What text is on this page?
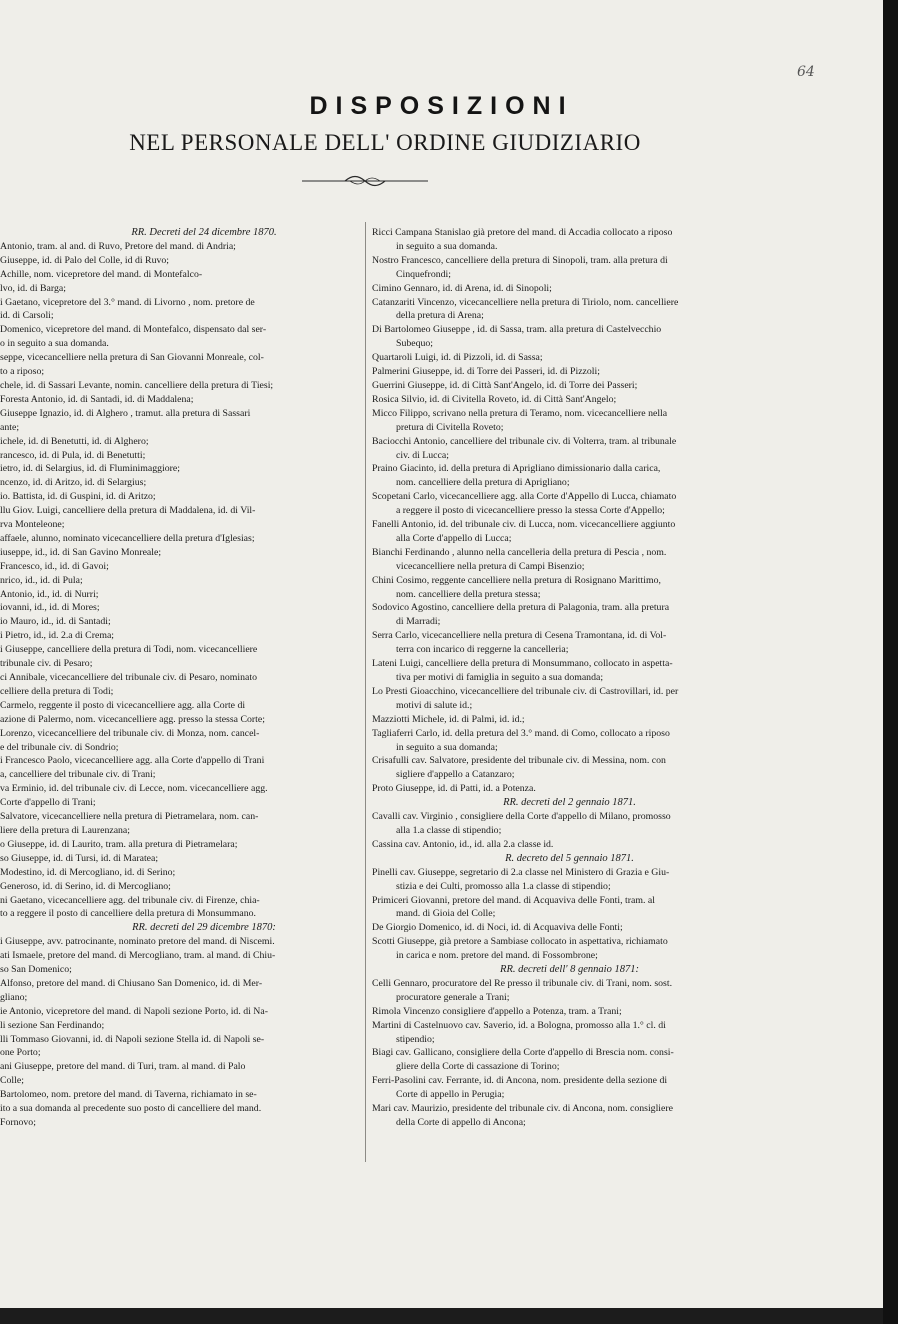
64
DISPOSIZIONI
NEL PERSONALE DELL' ORDINE GIUDIZIARIO
RR. Decreti del 24 dicembre 1870.
Antonio, tram. al and. di Ruvo, Pretore del mand. di Andria;
Giuseppe, id. di Palo del Colle, id di Ruvo;
Achille, nom. vicepretore del mand. di Montefalco-
lvo, id. di Barga;
i Gaetano, vicepretore del 3.° mand. di Livorno , nom. pretore de
id. di Carsoli;
Domenico, vicepretore del mand. di Montefalco, dispensato dal ser-
o in seguito a sua domanda.
seppe, vicecancelliere nella pretura di San Giovanni Monreale, col-
to a riposo;
chele, id. di Sassari Levante, nomin. cancelliere della pretura di Tiesi;
Foresta Antonio, id. di Santadi, id. di Maddalena;
Giuseppe Ignazio, id. di Alghero , tramut. alla pretura di Sassari
ante;
ichele, id. di Benetutti, id. di Alghero;
rancesco, id. di Pula, id. di Benetutti;
ietro, id. di Selargius, id. di Fluminimaggiore;
ncenzo, id. di Aritzo, id. di Selargius;
io. Battista, id. di Guspini, id. di Aritzo;
llu Giov. Luigi, cancelliere della pretura di Maddalena, id. di Vil-
rva Monteleone;
affaele, alunno, nominato vicecancelliere della pretura d'Iglesias;
iuseppe, id., id. di San Gavino Monreale;
Francesco, id., id. di Gavoi;
nrico, id., id. di Pula;
Antonio, id., id. di Nurri;
iovanni, id., id. di Mores;
io Mauro, id., id. di Santadi;
i Pietro, id., id. 2.a di Crema;
i Giuseppe, cancelliere della pretura di Todi, nom. vicecancelliere
tribunale civ. di Pesaro;
ci Annibale, vicecancelliere del tribunale civ. di Pesaro, nominato
celliere della pretura di Todi;
Carmelo, reggente il posto di vicecancelliere agg. alla Corte di
azione di Palermo, nom. vicecancelliere agg. presso la stessa Corte;
Lorenzo, vicecancelliere del tribunale civ. di Monza, nom. cancel-
e del tribunale civ. di Sondrio;
i Francesco Paolo, vicecancelliere agg. alla Corte d'appello di Trani
a, cancelliere del tribunale civ. di Trani;
va Erminio, id. del tribunale civ. di Lecce, nom. vicecancelliere agg.
Corte d'appello di Trani;
Salvatore, vicecancelliere nella pretura di Pietramelara, nom. can-
liere della pretura di Laurenzana;
o Giuseppe, id. di Laurito, tram. alla pretura di Pietramelara;
so Giuseppe, id. di Tursi, id. di Maratea;
Modestino, id. di Mercogliano, id. di Serino;
Generoso, id. di Serino, id. di Mercogliano;
ni Gaetano, vicecancelliere agg. del tribunale civ. di Firenze, chia-
to a reggere il posto di cancelliere della pretura di Monsummano.
RR. decreti del 29 dicembre 1870:
i Giuseppe, avv. patrocinante, nominato pretore del mand. di Niscemi.
ati Ismaele, pretore del mand. di Mercogliano, tram. al mand. di Chiu-
so San Domenico;
Alfonso, pretore del mand. di Chiusano San Domenico, id. di Mer-
gliano;
ie Antonio, vicepretore del mand. di Napoli sezione Porto, id. di Na-
li sezione San Ferdinando;
lli Tommaso Giovanni, id. di Napoli sezione Stella id. di Napoli se-
one Porto;
ani Giuseppe, pretore del mand. di Turi, tram. al mand. di Palo
Colle;
Bartolomeo, nom. pretore del mand. di Taverna, richiamato in se-
ito a sua domanda al precedente suo posto di cancelliere del mand.
Fornovo;
Ricci Campana Stanislao già pretore del mand. di Accadia collocato a riposo
in seguito a sua domanda.
Nostro Francesco, cancelliere della pretura di Sinopoli, tram. alla pretura di
Cinquefrondi;
Cimino Gennaro, id. di Arena, id. di Sinopoli;
Catanzariti Vincenzo, vicecancelliere nella pretura di Tiriolo, nom. cancelliere
della pretura di Arena;
Di Bartolomeo Giuseppe , id. di Sassa, tram. alla pretura di Castelvecchio
Subequo;
Quartaroli Luigi, id. di Pizzoli, id. di Sassa;
Palmerini Giuseppe, id. di Torre dei Passeri, id. di Pizzoli;
Guerrini Giuseppe, id. di Città Sant'Angelo, id. di Torre dei Passeri;
Rosica Silvio, id. di Civitella Roveto, id. di Città Sant'Angelo;
Micco Filippo, scrivano nella pretura di Teramo, nom. vicecancelliere nella
pretura di Civitella Roveto;
Baciocchi Antonio, cancelliere del tribunale civ. di Volterra, tram. al tribunale
civ. di Lucca;
Praino Giacinto, id. della pretura di Aprigliano dimissionario dalla carica,
nom. cancelliere della pretura di Aprigliano;
Scopetani Carlo, vicecancelliere agg. alla Corte d'Appello di Lucca, chiamato
a reggere il posto di vicecancelliere presso la stessa Corte d'Appello;
Fanelli Antonio, id. del tribunale civ. di Lucca, nom. vicecancelliere aggiunto
alla Corte d'appello di Lucca;
Bianchi Ferdinando , alunno nella cancelleria della pretura di Pescia , nom.
vicecancelliere nella pretura di Campi Bisenzio;
Chini Cosimo, reggente cancelliere nella pretura di Rosignano Marittimo,
nom. cancelliere della pretura stessa;
Sodovico Agostino, cancelliere della pretura di Palagonia, tram. alla pretura
di Marradi;
Serra Carlo, vicecancelliere nella pretura di Cesena Tramontana, id. di Vol-
terra con incarico di reggerne la cancelleria;
Lateni Luigi, cancelliere della pretura di Monsummano, collocato in aspetta-
tiva per motivi di famiglia in seguito a sua domanda;
Lo Presti Gioacchino, vicecancelliere del tribunale civ. di Castrovillari, id. per
motivi di salute id.;
Mazziotti Michele, id. di Palmi, id. id.;
Tagliaferri Carlo, id. della pretura del 3.° mand. di Como, collocato a riposo
in seguito a sua domanda;
Crisafulli cav. Salvatore, presidente del tribunale civ. di Messina, nom. con
sigliere d'appello a Catanzaro;
Proto Giuseppe, id. di Patti, id. a Potenza.
RR. decreti del 2 gennaio 1871.
Cavalli cav. Virginio , consigliere della Corte d'appello di Milano, promosso
alla 1.a classe di stipendio;
Cassina cav. Antonio, id., id. alla 2.a classe id.
R. decreto del 5 gennaio 1871.
Pinelli cav. Giuseppe, segretario di 2.a classe nel Ministero di Grazia e Giu-
stizia e dei Culti, promosso alla 1.a classe di stipendio;
Primiceri Giovanni, pretore del mand. di Acquaviva delle Fonti, tram. al
mand. di Gioia del Colle;
De Giorgio Domenico, id. di Noci, id. di Acquaviva delle Fonti;
Scotti Giuseppe, già pretore a Sambiase collocato in aspettativa, richiamato
in carica e nom. pretore del mand. di Fossombrone;
RR. decreti dell' 8 gennaio 1871:
Celli Gennaro, procuratore del Re presso il tribunale civ. di Trani, nom. sost.
procuratore generale a Trani;
Rimola Vincenzo consigliere d'appello a Potenza, tram. a Trani;
Martini di Castelnuovo cav. Saverio, id. a Bologna, promosso alla 1.° cl. di
stipendio;
Biagi cav. Gallicano, consigliere della Corte d'appello di Brescia nom. consi-
gliere della Corte di cassazione di Torino;
Ferri-Pasolini cav. Ferrante, id. di Ancona, nom. presidente della sezione di
Corte di appello in Perugia;
Mari cav. Maurizio, presidente del tribunale civ. di Ancona, nom. consigliere
della Corte di appello di Ancona;
